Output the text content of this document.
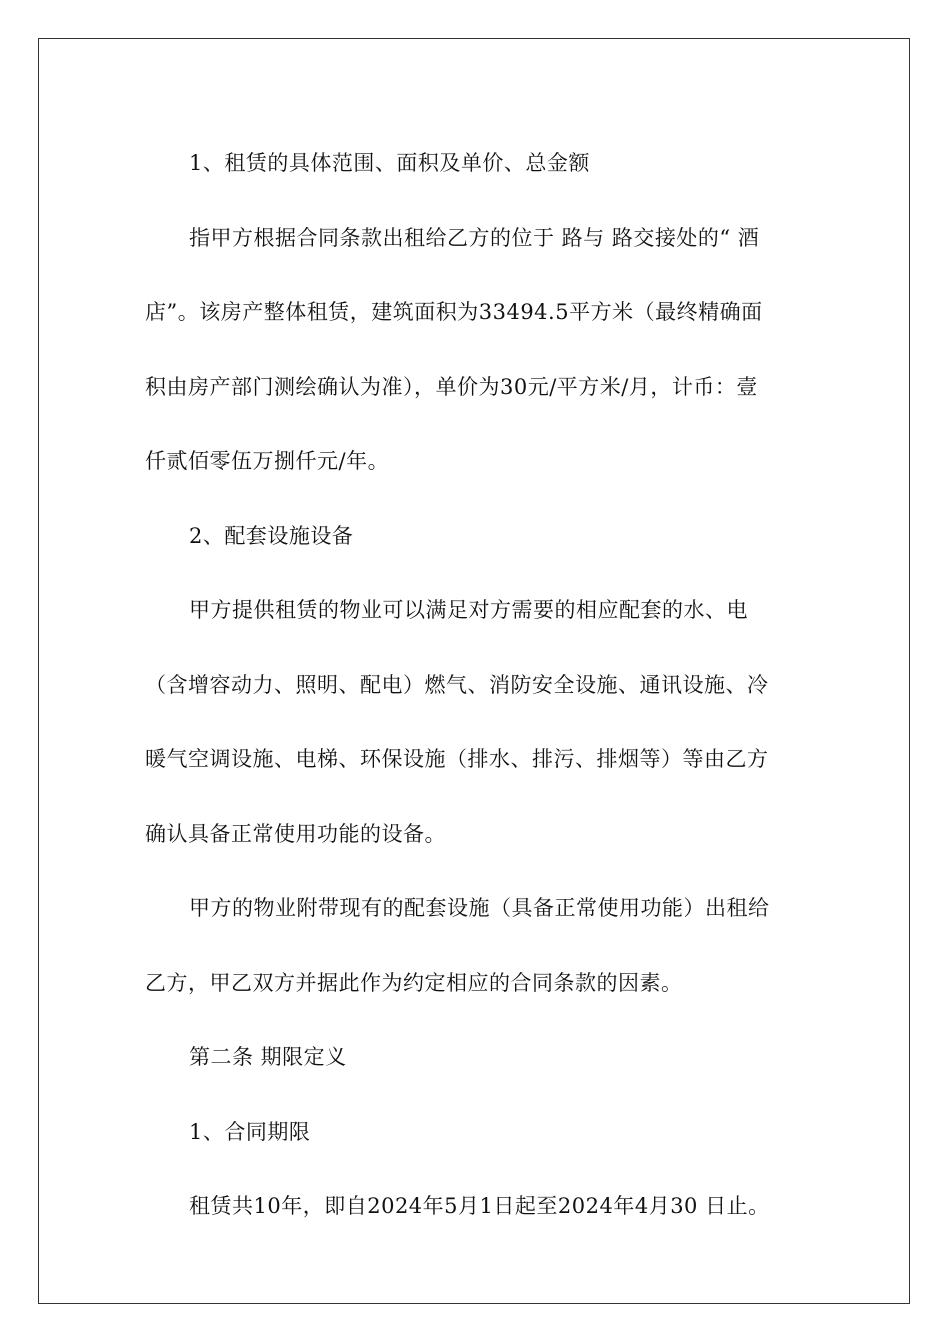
1、租赁的具体范围、面积及单价、总金额

指甲方根据合同条款出租给乙方的位于 路与 路交接处的“ 酒

店”。该房产整体租赁，建筑面积为33494.5平方米（最终精确面

积由房产部门测绘确认为准），单价为30元/平方米/月，计币：壹

仟贰佰零伍万捌仟元/年。

2、配套设施设备

甲方提供租赁的物业可以满足对方需要的相应配套的水、电

（含增容动力、照明、配电）燃气、消防安全设施、通讯设施、冷

暖气空调设施、电梯、环保设施（排水、排污、排烟等）等由乙方

确认具备正常使用功能的设备。

甲方的物业附带现有的配套设施（具备正常使用功能）出租给

乙方，甲乙双方并据此作为约定相应的合同条款的因素。

第二条 期限定义

1、合同期限

租赁共10年，即自2024年5月1日起至2024年4月30 日止。
